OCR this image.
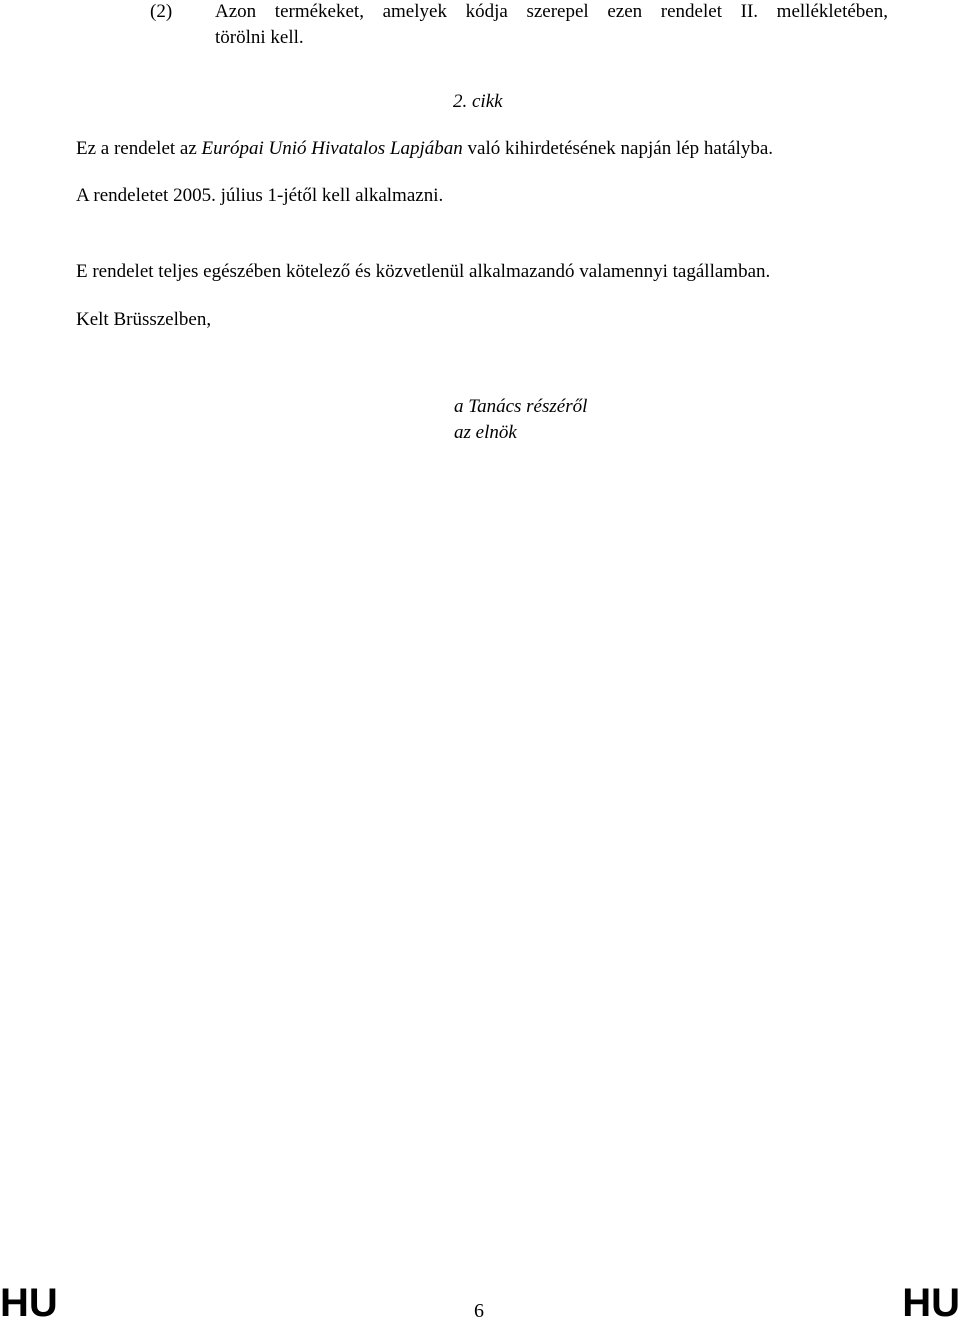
(2) Azon termékeket, amelyek kódja szerepel ezen rendelet II. mellékletében,
törölni kell.
2. cikk
Ez a rendelet az Európai Unió Hivatalos Lapjában való kihirdetésének napján lép hatályba.
A rendeletet 2005. július 1-jétől kell alkalmazni.
E rendelet teljes egészében kötelező és közvetlenül alkalmazandó valamennyi tagállamban.
Kelt Brüsszelben,
a Tanács részéről
az elnök
HU	6	HU
